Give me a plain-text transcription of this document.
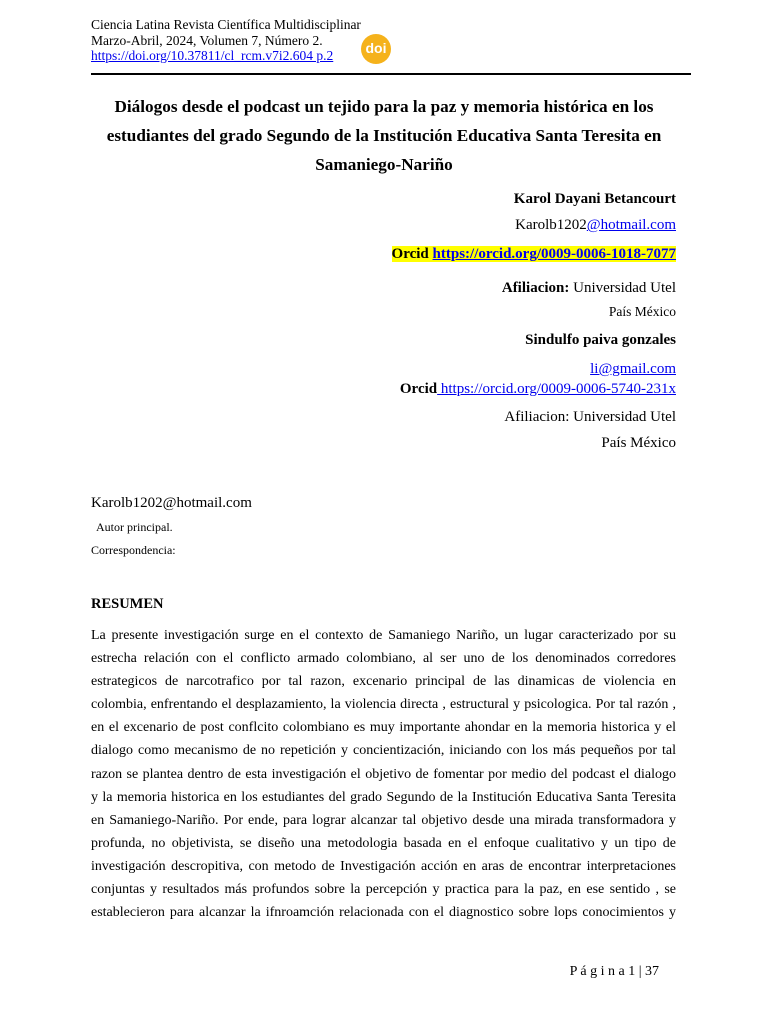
Ciencia Latina Revista Científica Multidisciplinar
Marzo-Abril, 2024, Volumen 7, Número 2.
https://doi.org/10.37811/cl_rcm.v7i2.604 p.2	doi
Diálogos desde el podcast un tejido para la paz y memoria histórica en los estudiantes del grado Segundo de la Institución Educativa Santa Teresita en Samaniego-Nariño
Karol Dayani Betancourt
Karolb1202@hotmail.com
Orcid https://orcid.org/0009-0006-1018-7077
Afiliacion: Universidad Utel
País México
Sindulfo paiva gonzales
li@gmail.com
Orcid https://orcid.org/0009-0006-5740-231x
Afiliacion: Universidad Utel
País México
Karolb1202@hotmail.com
Autor principal.
Correspondencia:
RESUMEN
La presente investigación surge en el contexto de Samaniego Nariño, un lugar caracterizado por su
estrecha relación con el conflicto armado colombiano, al ser uno de los denominados corredores
estrategicos de narcotrafico por tal razon, excenario principal de las dinamicas de violencia en
colombia, enfrentando el desplazamiento, la violencia directa , estructural y psicologica. Por tal razón ,
en el excenario de post conflcito colombiano es muy importante ahondar en la memoria historica y el
dialogo como mecanismo de no repetición y concientización, iniciando con los más pequeños por tal
razon se plantea dentro de esta investigación el objetivo de fomentar por medio del podcast el dialogo
y la memoria historica en los estudiantes del grado Segundo de la Institución Educativa Santa Teresita
en Samaniego-Nariño. Por ende, para lograr alcanzar tal objetivo desde una mirada transformadora y
profunda, no objetivista, se diseño una metodologia basada en el enfoque cualitativo y un tipo de
investigación descropitiva, con metodo de Investigación acción en aras de encontrar interpretaciones
conjuntas y resultados más profundos sobre la percepción y practica para la paz, en ese sentido , se
establecieron para alcanzar la ifnroamción relacionada con el diagnostico sobre lops conocimientos y
P á g i n a 1 | 37
